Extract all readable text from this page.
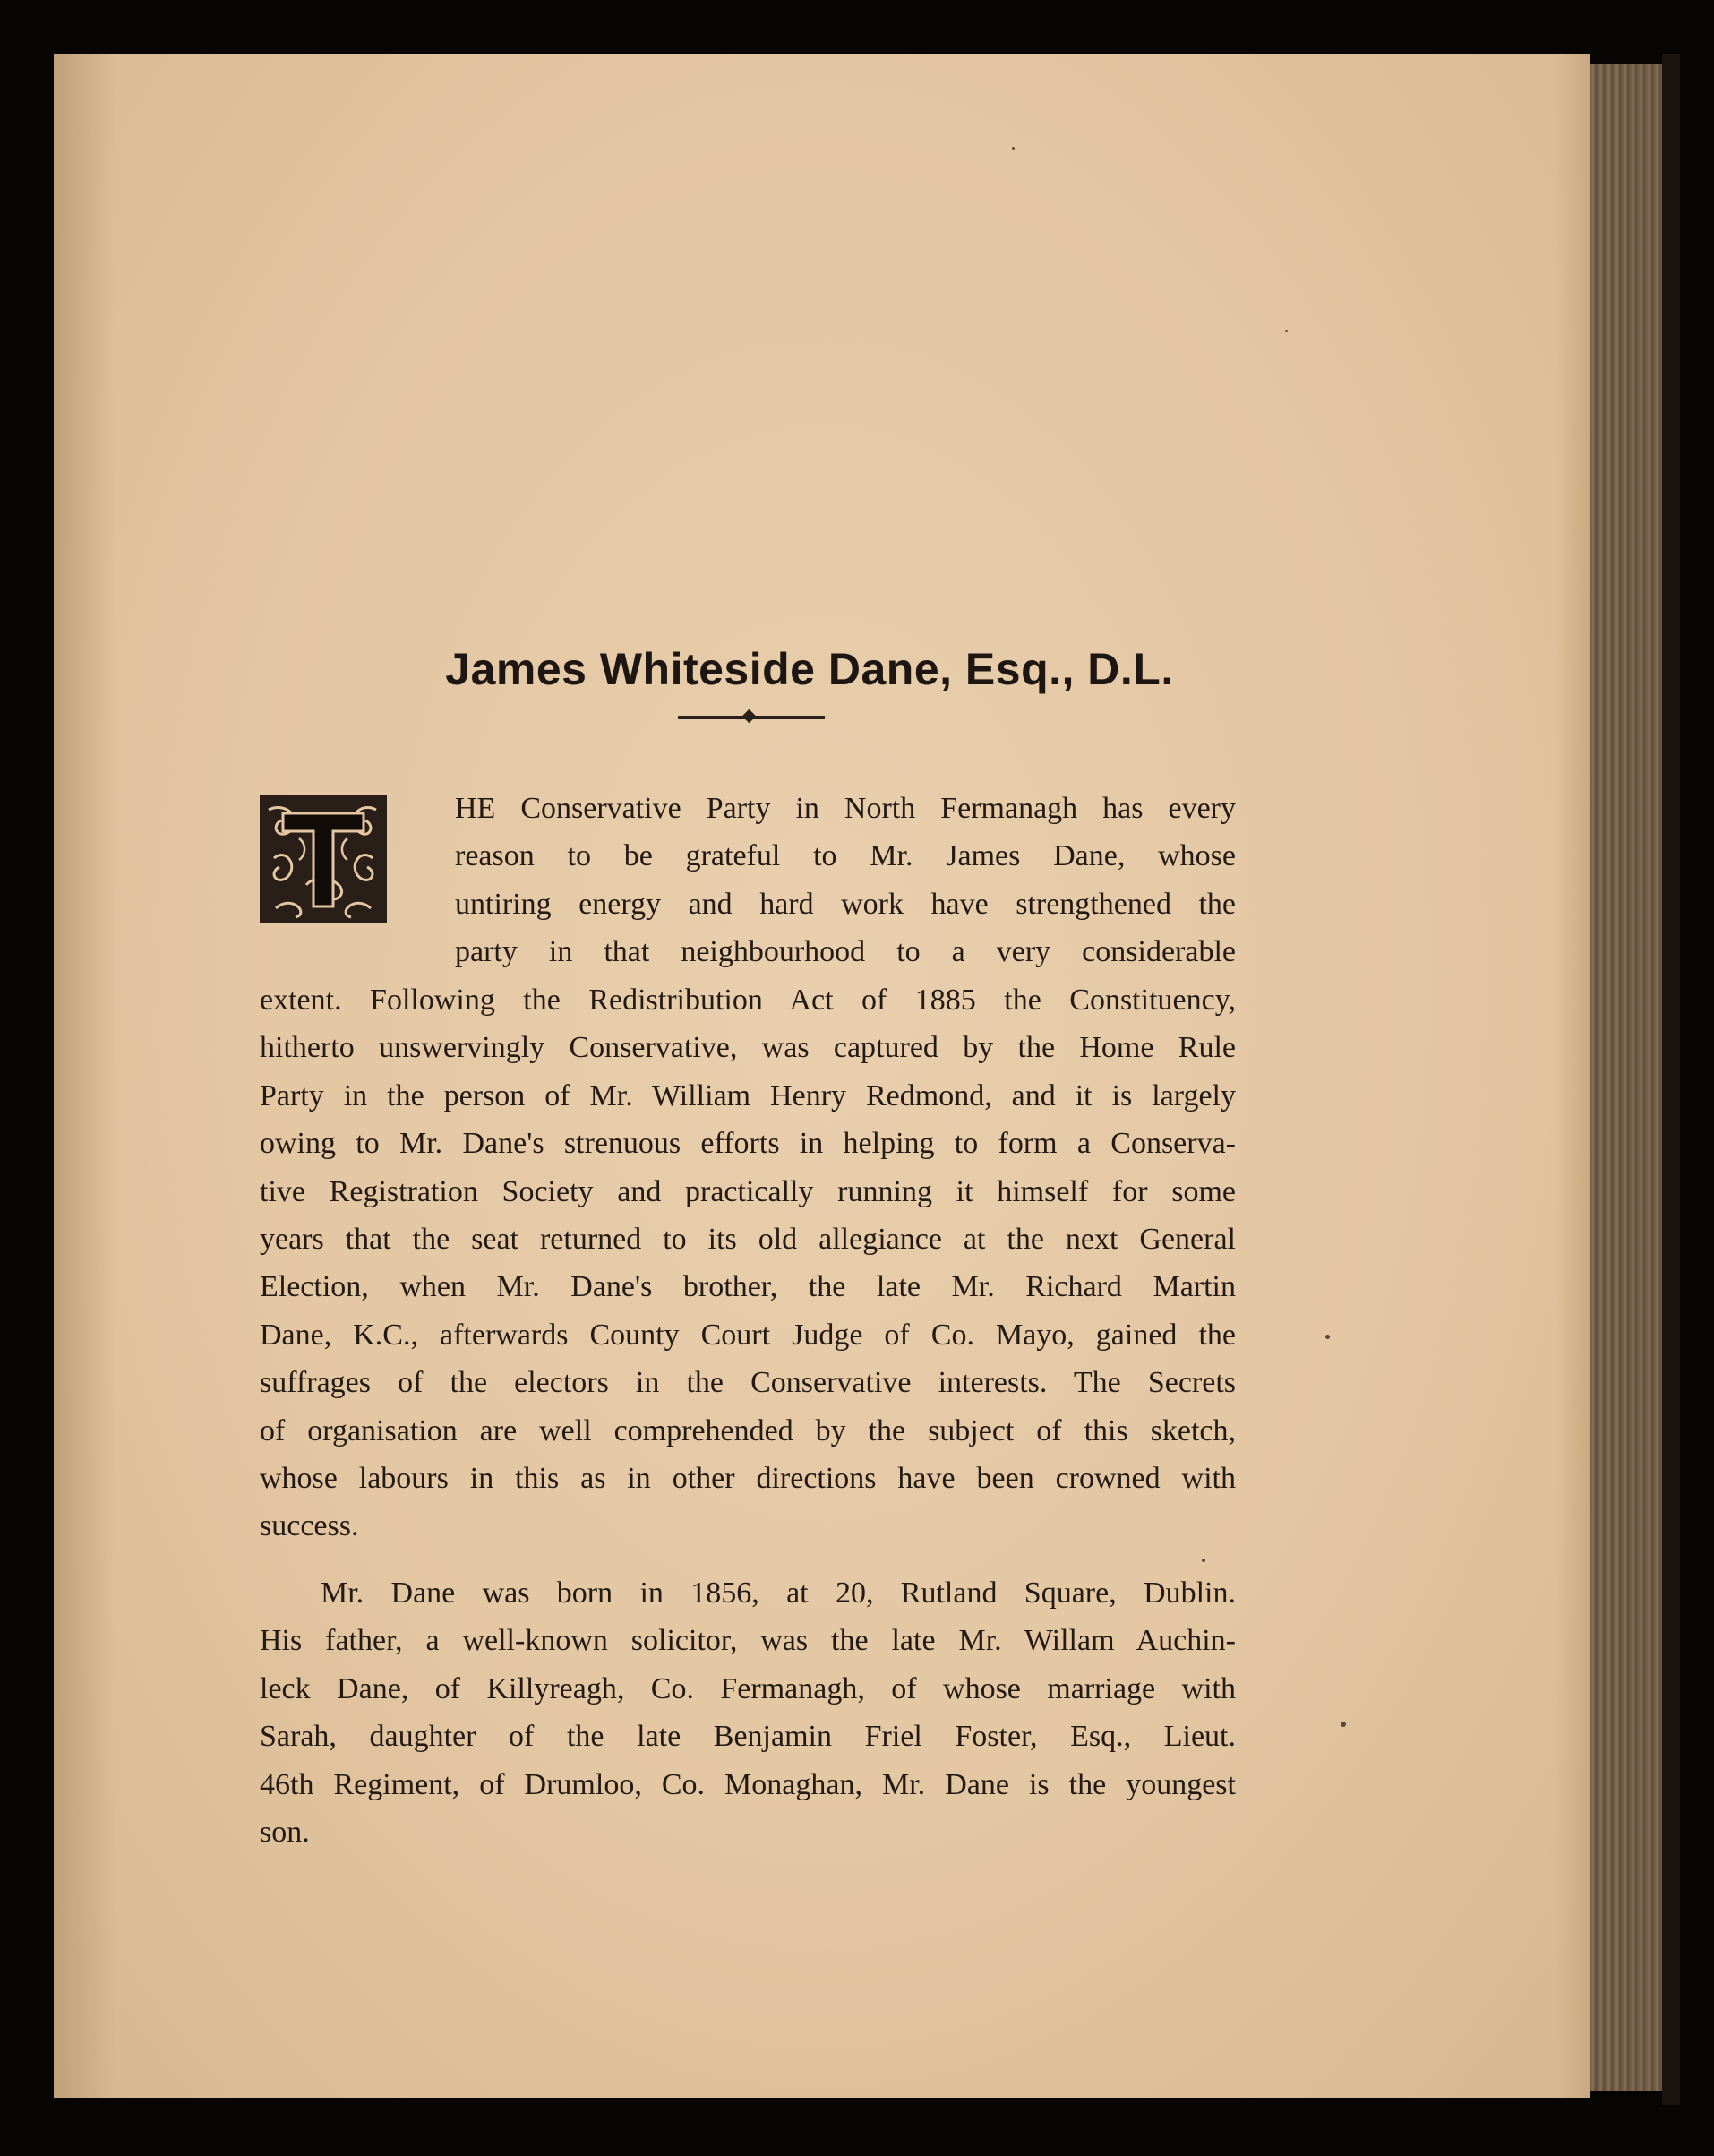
James Whiteside Dane, Esq., D.L.
HE Conservative Party in North Fermanagh has every
reason to be grateful to Mr. James Dane, whose
untiring energy and hard work have strengthened the
party in that neighbourhood to a very considerable
extent. Following the Redistribution Act of 1885 the Constituency,
hitherto unswervingly Conservative, was captured by the Home Rule
Party in the person of Mr. William Henry Redmond, and it is largely
owing to Mr. Dane's strenuous efforts in helping to form a Conserva-
tive Registration Society and practically running it himself for some
years that the seat returned to its old allegiance at the next General
Election, when Mr. Dane's brother, the late Mr. Richard Martin
Dane, K.C., afterwards County Court Judge of Co. Mayo, gained the
suffrages of the electors in the Conservative interests. The Secrets
of organisation are well comprehended by the subject of this sketch,
whose labours in this as in other directions have been crowned with
success.
Mr. Dane was born in 1856, at 20, Rutland Square, Dublin.
His father, a well-known solicitor, was the late Mr. Willam Auchin-
leck Dane, of Killyreagh, Co. Fermanagh, of whose marriage with
Sarah, daughter of the late Benjamin Friel Foster, Esq., Lieut.
46th Regiment, of Drumloo, Co. Monaghan, Mr. Dane is the youngest
son.
